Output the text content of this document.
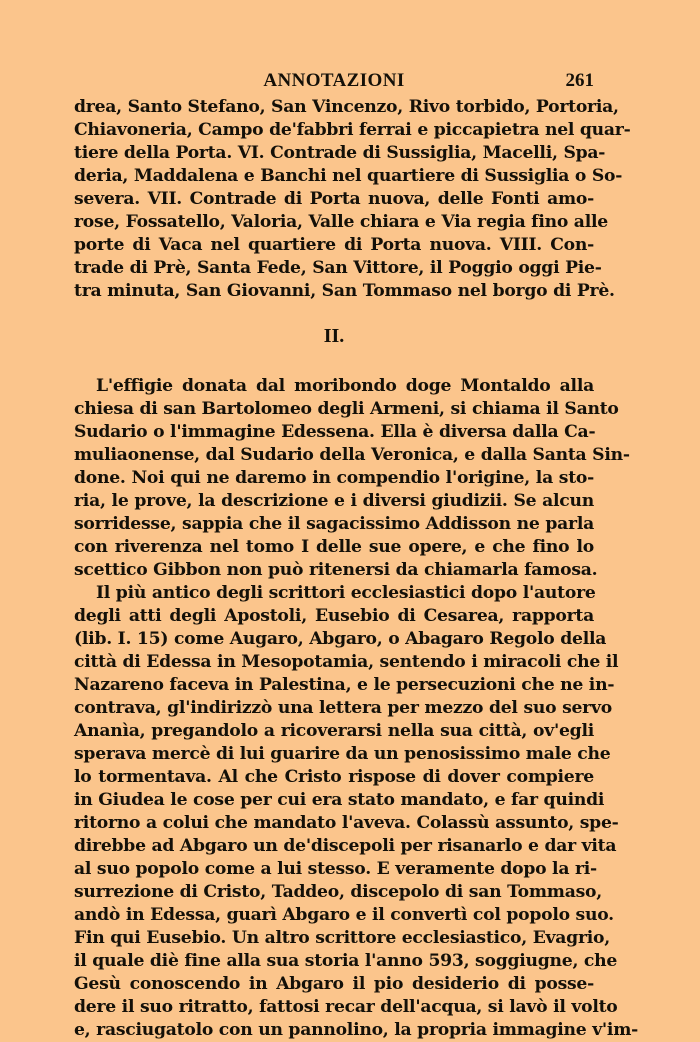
ANNOTAZIONI	261
drea, Santo Stefano, San Vincenzo, Rivo torbido, Portoria,
Chiavoneria, Campo de'fabbri ferrai e piccapietra nel quar-
tiere della Porta. VI. Contrade di Sussiglia, Macelli, Spa-
deria, Maddalena e Banchi nel quartiere di Sussiglia o So-
severa. VII. Contrade di Porta nuova, delle Fonti amo-
rose, Fossatello, Valoria, Valle chiara e Via regia fino alle
porte di Vaca nel quartiere di Porta nuova. VIII. Con-
trade di Prè, Santa Fede, San Vittore, il Poggio oggi Pie-
tra minuta, San Giovanni, San Tommaso nel borgo di Prè.
II.
L'effigie donata dal moribondo doge Montaldo alla
chiesa di san Bartolomeo degli Armeni, si chiama il Santo
Sudario o l'immagine Edessena. Ella è diversa dalla Ca-
muliaonense, dal Sudario della Veronica, e dalla Santa Sin-
done. Noi qui ne daremo in compendio l'origine, la sto-
ria, le prove, la descrizione e i diversi giudizii. Se alcun
sorridesse, sappia che il sagacissimo Addisson ne parla
con riverenza nel tomo I delle sue opere, e che fino lo
scettico Gibbon non può ritenersi da chiamarla famosa.
Il più antico degli scrittori ecclesiastici dopo l'autore
degli atti degli Apostoli, Eusebio di Cesarea, rapporta
(lib. I. 15) come Augaro, Abgaro, o Abagaro Regolo della
città di Edessa in Mesopotamia, sentendo i miracoli che il
Nazareno faceva in Palestina, e le persecuzioni che ne in-
contrava, gl'indirizzò una lettera per mezzo del suo servo
Ananìa, pregandolo a ricoverarsi nella sua città, ov'egli
sperava mercè di lui guarire da un penosissimo male che
lo tormentava. Al che Cristo rispose di dover compiere
in Giudea le cose per cui era stato mandato, e far quindi
ritorno a colui che mandato l'aveva. Colassù assunto, spe-
direbbe ad Abgaro un de'discepoli per risanarlo e dar vita
al suo popolo come a lui stesso. E veramente dopo la ri-
surrezione di Cristo, Taddeo, discepolo di san Tommaso,
andò in Edessa, guarì Abgaro e il convertì col popolo suo.
Fin qui Eusebio. Un altro scrittore ecclesiastico, Evagrio,
il quale diè fine alla sua storia l'anno 593, soggiugne, che
Gesù conoscendo in Abgaro il pio desiderio di posse-
dere il suo ritratto, fattosi recar dell'acqua, si lavò il volto
e, rasciugatolo con un pannolino, la propria immagine v'im-
